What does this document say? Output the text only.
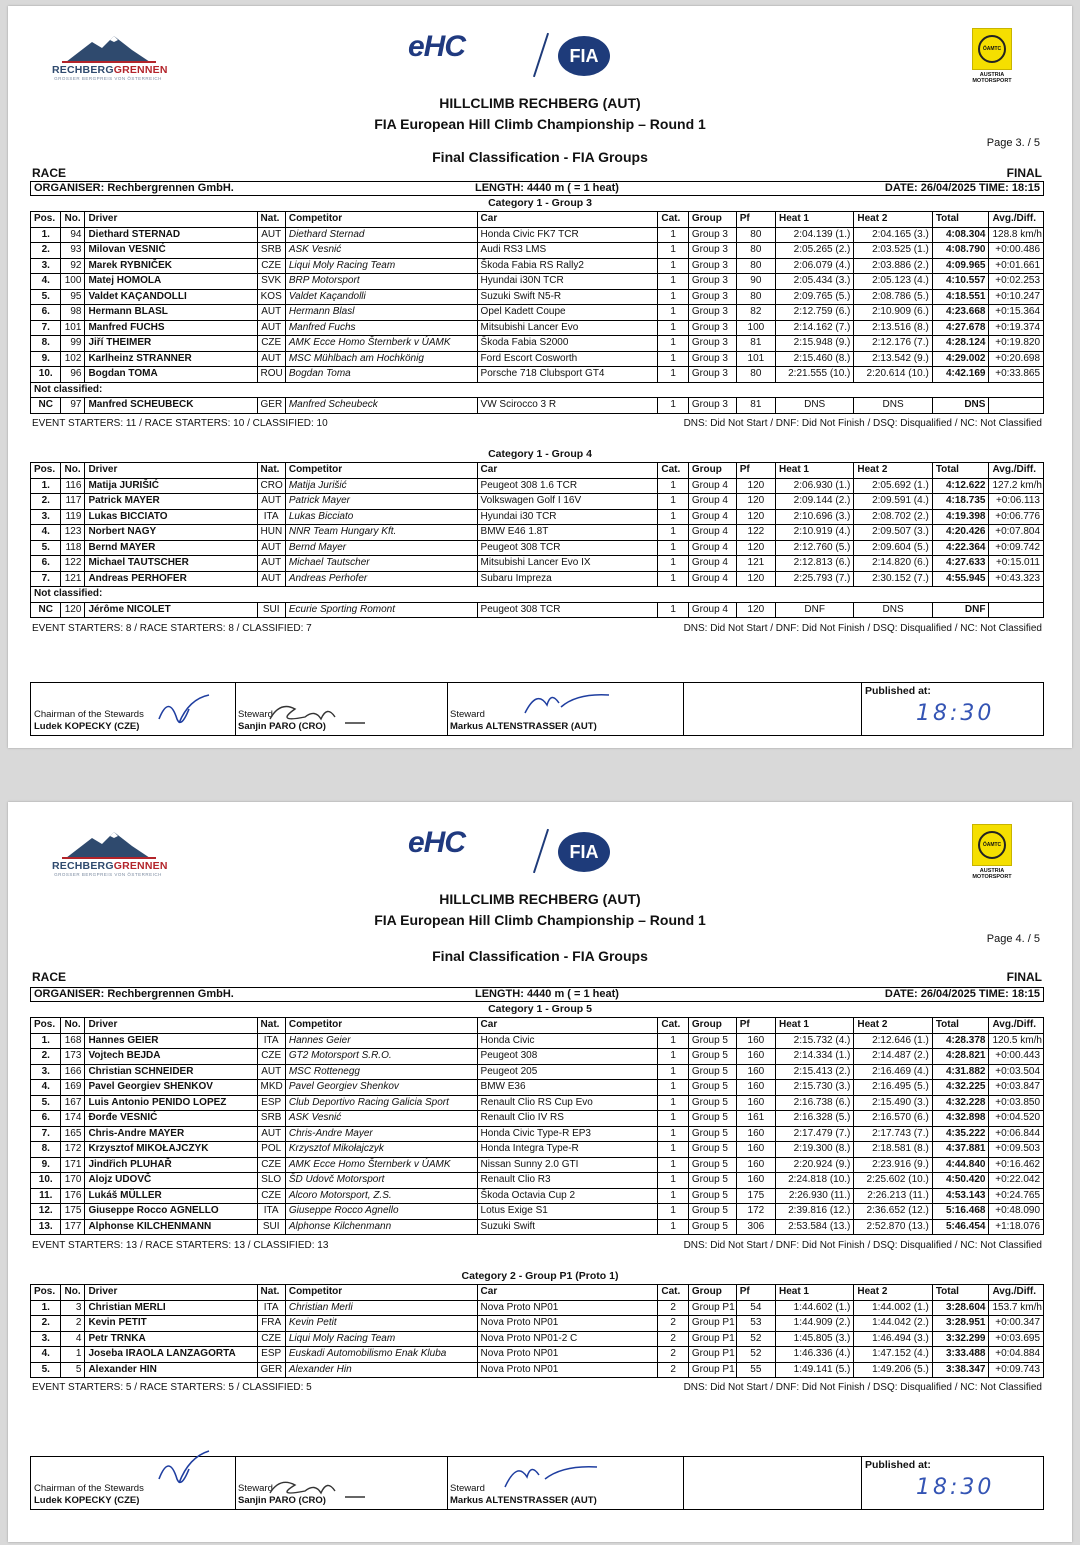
RECHBERGGRENNEN
GROSSER BERGPREIS VON ÖSTERREICH
eHC	FIA	ÖAMTC
AUSTRIA MOTORSPORT
HILLCLIMB RECHBERG (AUT)
FIA European Hill Climb Championship – Round 1
Page 3. / 5
Final Classification - FIA Groups
RACE	FINAL
ORGANISER: Rechbergrennen GmbH.	LENGTH: 4440 m ( = 1 heat)	DATE: 26/04/2025 TIME: 18:15
Category 1 - Group 3
Pos.	No.	Driver	Nat.	Competitor	Car	Cat.	Group	Pf	Heat 1	Heat 2	Total	Avg./Diff.
1.	94	Diethard STERNAD	AUT	Diethard Sternad	Honda Civic FK7 TCR	1	Group 3	80	2:04.139 (1.)	2:04.165 (3.)	4:08.304	128.8 km/h
2.	93	Milovan VESNIĆ	SRB	ASK Vesnić	Audi RS3 LMS	1	Group 3	80	2:05.265 (2.)	2:03.525 (1.)	4:08.790	+0:00.486
3.	92	Marek RYBNIČEK	CZE	Liqui Moly Racing Team	Škoda Fabia RS Rally2	1	Group 3	80	2:06.079 (4.)	2:03.886 (2.)	4:09.965	+0:01.661
4.	100	Matej HOMOLA	SVK	BRP Motorsport	Hyundai i30N TCR	1	Group 3	90	2:05.434 (3.)	2:05.123 (4.)	4:10.557	+0:02.253
5.	95	Valdet KAÇANDOLLI	KOS	Valdet Kaçandolli	Suzuki Swift N5-R	1	Group 3	80	2:09.765 (5.)	2:08.786 (5.)	4:18.551	+0:10.247
6.	98	Hermann BLASL	AUT	Hermann Blasl	Opel Kadett Coupe	1	Group 3	82	2:12.759 (6.)	2:10.909 (6.)	4:23.668	+0:15.364
7.	101	Manfred FUCHS	AUT	Manfred Fuchs	Mitsubishi Lancer Evo	1	Group 3	100	2:14.162 (7.)	2:13.516 (8.)	4:27.678	+0:19.374
8.	99	Jiří THEIMER	CZE	AMK Ecce Homo Šternberk v ÚAMK	Škoda Fabia S2000	1	Group 3	81	2:15.948 (9.)	2:12.176 (7.)	4:28.124	+0:19.820
9.	102	Karlheinz STRANNER	AUT	MSC Mühlbach am Hochkönig	Ford Escort Cosworth	1	Group 3	101	2:15.460 (8.)	2:13.542 (9.)	4:29.002	+0:20.698
10.	96	Bogdan TOMA	ROU	Bogdan Toma	Porsche 718 Clubsport GT4	1	Group 3	80	2:21.555 (10.)	2:20.614 (10.)	4:42.169	+0:33.865
Not classified:												
NC	97	Manfred SCHEUBECK	GER	Manfred Scheubeck	VW Scirocco 3 R	1	Group 3	81	DNS	DNS	DNS	
EVENT STARTERS: 11 / RACE STARTERS: 10 / CLASSIFIED: 10	DNS: Did Not Start / DNF: Did Not Finish / DSQ: Disqualified / NC: Not Classified
Category 1 - Group 4
Pos.	No.	Driver	Nat.	Competitor	Car	Cat.	Group	Pf	Heat 1	Heat 2	Total	Avg./Diff.
1.	116	Matija JURIŠIĆ	CRO	Matija Jurišić	Peugeot 308 1.6 TCR	1	Group 4	120	2:06.930 (1.)	2:05.692 (1.)	4:12.622	127.2 km/h
2.	117	Patrick MAYER	AUT	Patrick Mayer	Volkswagen Golf I 16V	1	Group 4	120	2:09.144 (2.)	2:09.591 (4.)	4:18.735	+0:06.113
3.	119	Lukas BICCIATO	ITA	Lukas Bicciato	Hyundai i30 TCR	1	Group 4	120	2:10.696 (3.)	2:08.702 (2.)	4:19.398	+0:06.776
4.	123	Norbert NAGY	HUN	NNR Team Hungary Kft.	BMW E46 1.8T	1	Group 4	122	2:10.919 (4.)	2:09.507 (3.)	4:20.426	+0:07.804
5.	118	Bernd MAYER	AUT	Bernd Mayer	Peugeot 308 TCR	1	Group 4	120	2:12.760 (5.)	2:09.604 (5.)	4:22.364	+0:09.742
6.	122	Michael TAUTSCHER	AUT	Michael Tautscher	Mitsubishi Lancer Evo IX	1	Group 4	121	2:12.813 (6.)	2:14.820 (6.)	4:27.633	+0:15.011
7.	121	Andreas PERHOFER	AUT	Andreas Perhofer	Subaru Impreza	1	Group 4	120	2:25.793 (7.)	2:30.152 (7.)	4:55.945	+0:43.323
Not classified:												
NC	120	Jérôme NICOLET	SUI	Ecurie Sporting Romont	Peugeot 308 TCR	1	Group 4	120	DNF	DNS	DNF	
EVENT STARTERS: 8 / RACE STARTERS: 8 / CLASSIFIED: 7	DNS: Did Not Start / DNF: Did Not Finish / DSQ: Disqualified / NC: Not Classified
Chairman of the Stewards
Ludek KOPECKY (CZE)
Steward
Sanjin PARO (CRO)
Steward
Markus ALTENSTRASSER (AUT)
Published at:
18:30
RECHBERGGRENNEN
GROSSER BERGPREIS VON ÖSTERREICH
eHC	FIA	ÖAMTC
AUSTRIA MOTORSPORT
HILLCLIMB RECHBERG (AUT)
FIA European Hill Climb Championship – Round 1
Page 4. / 5
Final Classification - FIA Groups
RACE	FINAL
ORGANISER: Rechbergrennen GmbH.	LENGTH: 4440 m ( = 1 heat)	DATE: 26/04/2025 TIME: 18:15
Category 1 - Group 5
Pos.	No.	Driver	Nat.	Competitor	Car	Cat.	Group	Pf	Heat 1	Heat 2	Total	Avg./Diff.
1.	168	Hannes GEIER	ITA	Hannes Geier	Honda Civic	1	Group 5	160	2:15.732 (4.)	2:12.646 (1.)	4:28.378	120.5 km/h
2.	173	Vojtech BEJDA	CZE	GT2 Motorsport S.R.O.	Peugeot 308	1	Group 5	160	2:14.334 (1.)	2:14.487 (2.)	4:28.821	+0:00.443
3.	166	Christian SCHNEIDER	AUT	MSC Rottenegg	Peugeot 205	1	Group 5	160	2:15.413 (2.)	2:16.469 (4.)	4:31.882	+0:03.504
4.	169	Pavel Georgiev SHENKOV	MKD	Pavel Georgiev Shenkov	BMW E36	1	Group 5	160	2:15.730 (3.)	2:16.495 (5.)	4:32.225	+0:03.847
5.	167	Luis Antonio PENIDO LOPEZ	ESP	Club Deportivo Racing Galicia Sport	Renault Clio RS Cup Evo	1	Group 5	160	2:16.738 (6.)	2:15.490 (3.)	4:32.228	+0:03.850
6.	174	Đorđe VESNIĆ	SRB	ASK Vesnić	Renault Clio IV RS	1	Group 5	161	2:16.328 (5.)	2:16.570 (6.)	4:32.898	+0:04.520
7.	165	Chris-Andre MAYER	AUT	Chris-Andre Mayer	Honda Civic Type-R EP3	1	Group 5	160	2:17.479 (7.)	2:17.743 (7.)	4:35.222	+0:06.844
8.	172	Krzysztof MIKOŁAJCZYK	POL	Krzysztof Mikołajczyk	Honda Integra Type-R	1	Group 5	160	2:19.300 (8.)	2:18.581 (8.)	4:37.881	+0:09.503
9.	171	Jindřich PLUHAŘ	CZE	AMK Ecce Homo Šternberk v ÚAMK	Nissan Sunny 2.0 GTI	1	Group 5	160	2:20.924 (9.)	2:23.916 (9.)	4:44.840	+0:16.462
10.	170	Alojz UDOVČ	SLO	ŠD Udovč Motorsport	Renault Clio R3	1	Group 5	160	2:24.818 (10.)	2:25.602 (10.)	4:50.420	+0:22.042
11.	176	Lukáš MÜLLER	CZE	Alcoro Motorsport, Z.S.	Škoda Octavia Cup 2	1	Group 5	175	2:26.930 (11.)	2:26.213 (11.)	4:53.143	+0:24.765
12.	175	Giuseppe Rocco AGNELLO	ITA	Giuseppe Rocco Agnello	Lotus Exige S1	1	Group 5	172	2:39.816 (12.)	2:36.652 (12.)	5:16.468	+0:48.090
13.	177	Alphonse KILCHENMANN	SUI	Alphonse Kilchenmann	Suzuki Swift	1	Group 5	306	2:53.584 (13.)	2:52.870 (13.)	5:46.454	+1:18.076
EVENT STARTERS: 13 / RACE STARTERS: 13 / CLASSIFIED: 13	DNS: Did Not Start / DNF: Did Not Finish / DSQ: Disqualified / NC: Not Classified
Category 2 - Group P1 (Proto 1)
Pos.	No.	Driver	Nat.	Competitor	Car	Cat.	Group	Pf	Heat 1	Heat 2	Total	Avg./Diff.
1.	3	Christian MERLI	ITA	Christian Merli	Nova Proto NP01	2	Group P1	54	1:44.602 (1.)	1:44.002 (1.)	3:28.604	153.7 km/h
2.	2	Kevin PETIT	FRA	Kevin Petit	Nova Proto NP01	2	Group P1	53	1:44.909 (2.)	1:44.042 (2.)	3:28.951	+0:00.347
3.	4	Petr TRNKA	CZE	Liqui Moly Racing Team	Nova Proto NP01-2 C	2	Group P1	52	1:45.805 (3.)	1:46.494 (3.)	3:32.299	+0:03.695
4.	1	Joseba IRAOLA LANZAGORTA	ESP	Euskadi Automobilismo Enak Kluba	Nova Proto NP01	2	Group P1	52	1:46.336 (4.)	1:47.152 (4.)	3:33.488	+0:04.884
5.	5	Alexander HIN	GER	Alexander Hin	Nova Proto NP01	2	Group P1	55	1:49.141 (5.)	1:49.206 (5.)	3:38.347	+0:09.743
EVENT STARTERS: 5 / RACE STARTERS: 5 / CLASSIFIED: 5	DNS: Did Not Start / DNF: Did Not Finish / DSQ: Disqualified / NC: Not Classified
Chairman of the Stewards
Ludek KOPECKY (CZE)
Steward
Sanjin PARO (CRO)
Steward
Markus ALTENSTRASSER (AUT)
Published at:
18:30
